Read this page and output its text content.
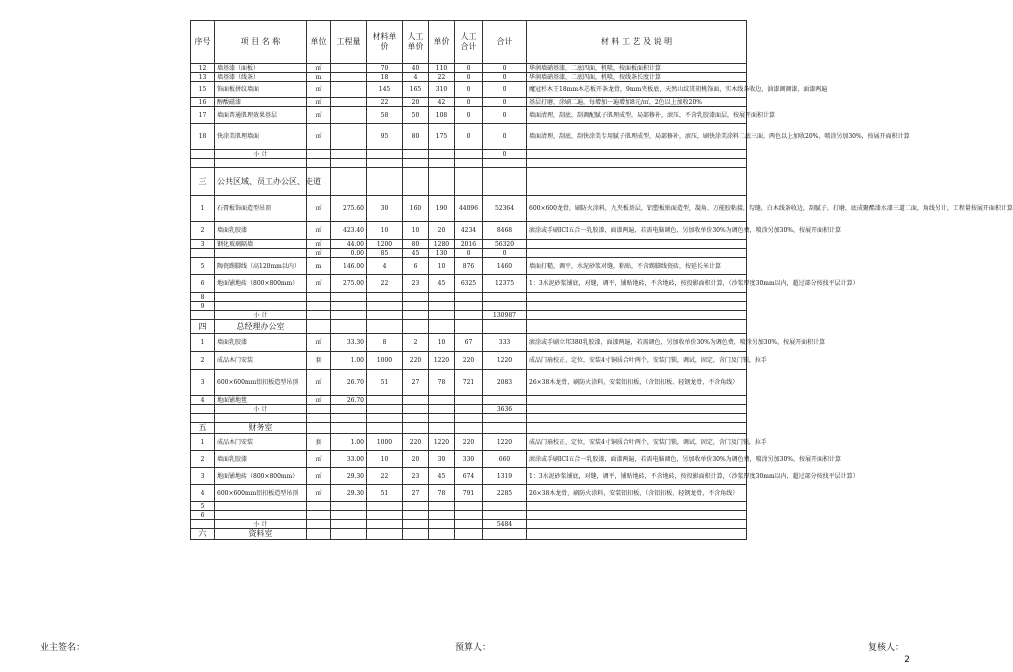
序号	项 目 名 称	单位	工程量	材料单价	人工单价	单价	人工合计	合计	材 料 工 艺 及 说 明
12	墙基漆（面板）	㎡		70	40	110	0	0	华润墙硝基漆，二底四面，机喷，按面板面积计算
13	墙基漆（线条）	m		18	4	22	0	0	华润墙硝基漆，二底四面，机喷，按线条长度计算
15	饰面板拼纹墙面	㎡		145	165	310	0	0	魔冠杉木王18mm木芯板开条龙骨，9mm夹板底，天然山纹贯胡桃饰面，实木线条收边，油漆调调漆，面漆两遍
16	醇酸磁漆	㎡		22	20	42	0	0	基层打磨，涂刷二遍，每增加一遍增加8元/㎡，2色以上加收20%
17	墙面普通肌理效果基层	㎡		58	50	108	0	0	墙面清理，刮底，刮调配腻子肌理成型，局部修补，滚压，不含乳胶漆面层，按展开面积计算
18	快涂美肌理墙面	㎡		95	80	175	0	0	墙面清理，刮底，刮快涂美专用腻子肌理成型，局部修补，滚压，刷快涂美涂料二底三面，两色以上加收20%，喷涂另加30%，按展开面积计算
	小 计							0	

三	公共区域、员工办公区、走道								
1	石膏板饰面造型吊顶	㎡	275.60	30	160	190	44096	52364	600×600龙骨，刷防火涂料，九夹板基层，铝塑板贴面造型，凝角、万能胶粘接，勾缝，白木线条收边，刮腻子，打磨，底成聚酯漆水漆三道二面，角线另计，工程量按展开面积计算
2	墙面乳胶漆	㎡	423.40	10	10	20	4234	8468	滚涂或手刷ICI五合一乳胶漆，面漆两遍，若需电脑调色，另加收单价30%为调色费，喷涂另加30%，按展开面积计算
3	钢化玻璃隔墙	㎡	44.00	1200	80	1280	2016	56320	
		㎡	0.00	85	45	130	0	0	
5	陶瓷踢脚线（高120mm以内）	m	146.00	4	6	10	876	1460	墙面打糙，调平，水泥砂浆对缝，粘贴，不含踢脚线瓷砖，按延长米计算
6	地面铺地砖（800×800mm）	㎡	275.00	22	23	45	6325	12375	1：3水泥砂浆铺底，对缝，调平，铺贴地砖，不含地砖，按投影面积计算，（沙浆厚度30mm以内，超过部分按找平层计算）
8									
9									
	小 计							130987	
四	总经理办公室								
1	墙面乳胶漆	㎡	33.30	8	2	10	67	333	滚涂或手刷立邦380乳胶漆，面漆两遍，若需调色，另加收单价30%为调色费，喷涂另加30%，按展开面积计算
2	成品木门安装	套	1.00	1000	220	1220	220	1220	成品门扇校正、定位，安装4寸铜质合叶两个，安装门锁，调试，固定，含门及门锁，拉手
3	600×600mm铝扣板造型吊顶	㎡	26.70	51	27	78	721	2083	26×38木龙骨，刷防火涂料，安装铝扣板，（含铝扣板、轻钢龙骨，不含角线）
4	地面铺地毯	㎡	26.70						
	小 计							3636	

五	财务室								
1	成品木门安装	套	1.00	1000	220	1220	220	1220	成品门扇校正、定位，安装4寸铜质合叶两个，安装门锁，调试，固定，含门及门锁，拉手
2	墙面乳胶漆	㎡	33.00	10	20	30	330	660	滚涂或手刷ICI五合一乳胶漆，面漆两遍，若需电脑调色，另加收单价30%为调色费，喷涂另加30%，按展开面积计算
3	地面铺地砖（800×800mm）	㎡	29.30	22	23	45	674	1319	1：3水泥砂浆铺底，对缝，调平，铺贴地砖，不含地砖，按投影面积计算，（沙浆厚度30mm以内，超过部分按找平层计算）
4	600×600mm铝扣板造型吊顶	㎡	29.30	51	27	78	791	2285	26×38木龙骨，刷防火涂料，安装铝扣板，（含铝扣板、轻钢龙骨，不含角线）
5									
6									
	小 计							5484	
六	资料室								
业主签名：	预算人：	复核人：
2
